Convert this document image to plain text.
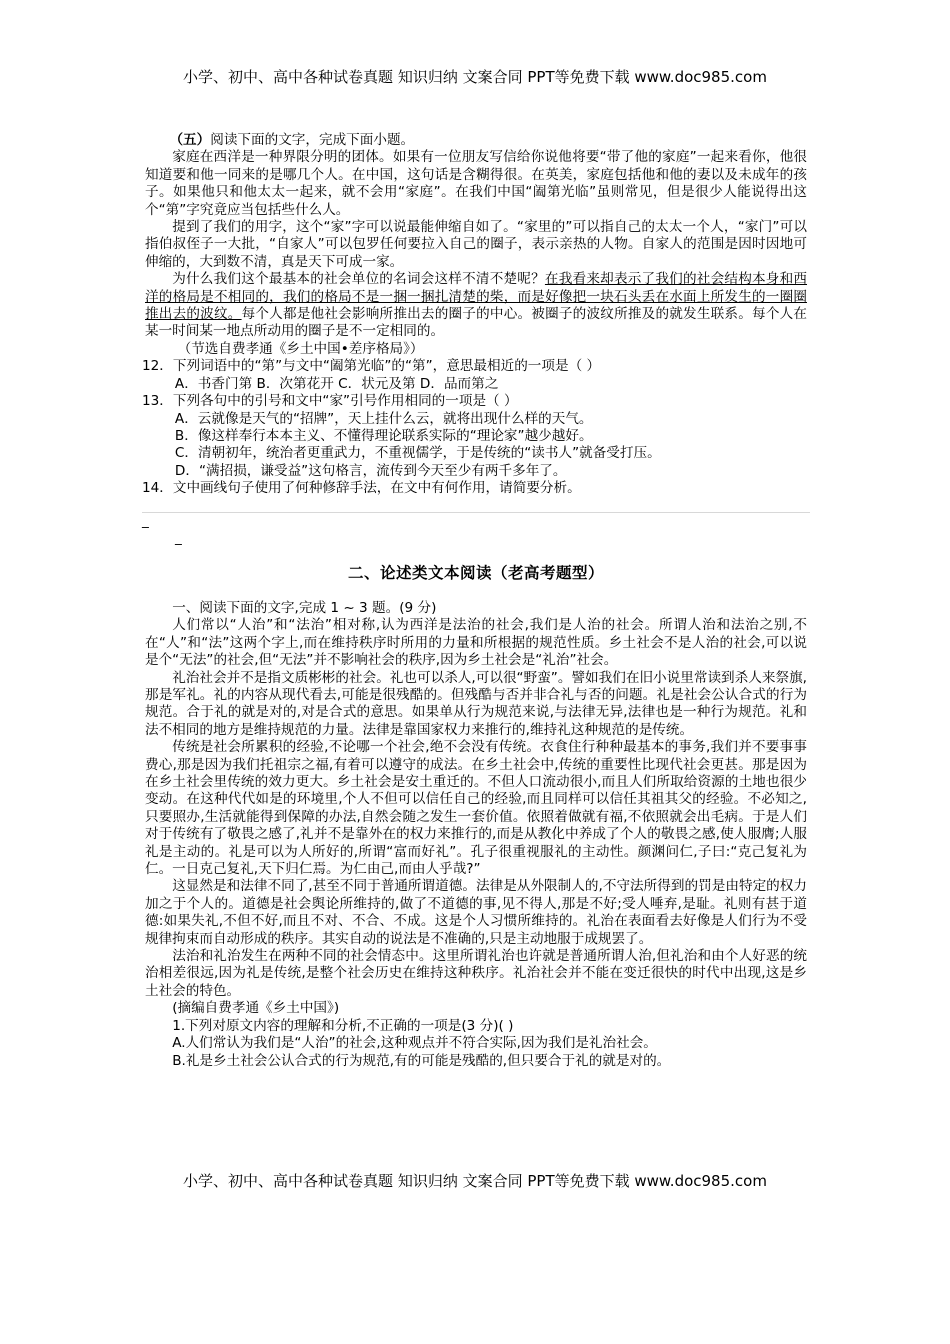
小学、初中、高中各种试卷真题 知识归纳 文案合同 PPT等免费下载 www.doc985.com

（五）阅读下面的文字，完成下面小题。

家庭在西洋是一种界限分明的团体。如果有一位朋友写信给你说他将要“带了他的家庭”一起来看你，他很知道要和他一同来的是哪几个人。在中国，这句话是含糊得很。在英美，家庭包括他和他的妻以及未成年的孩子。如果他只和他太太一起来，就不会用“家庭”。在我们中国“阖第光临”虽则常见，但是很少人能说得出这个“第”字究竟应当包括些什么人。

提到了我们的用字，这个“家”字可以说最能伸缩自如了。“家里的”可以指自己的太太一个人，“家门”可以指伯叔侄子一大批，“自家人”可以包罗任何要拉入自己的圈子，表示亲热的人物。自家人的范围是因时因地可伸缩的，大到数不清，真是天下可成一家。

为什么我们这个最基本的社会单位的名词会这样不清不楚呢？在我看来却表示了我们的社会结构本身和西洋的格局是不相同的，我们的格局不是一捆一捆扎清楚的柴，而是好像把一块石头丢在水面上所发生的一圈圈推出去的波纹。每个人都是他社会影响所推出去的圈子的中心。被圈子的波纹所推及的就发生联系。每个人在某一时间某一地点所动用的圈子是不一定相同的。

（节选自费孝通《乡土中国•差序格局》）

12．下列词语中的“第”与文中“阖第光临”的“第”，意思最相近的一项是（ ）

A．书香门第 B．次第花开 C．状元及第 D．品而第之

13．下列各句中的引号和文中“家”引号作用相同的一项是（ ）

A．云就像是天气的“招牌”，天上挂什么云，就将出现什么样的天气。

B．像这样奉行本本主义、不懂得理论联系实际的“理论家”越少越好。

C．清朝初年，统治者更重武力，不重视儒学，于是传统的“读书人”就备受打压。

D．“满招损，谦受益”这句格言，流传到今天至少有两千多年了。

14．文中画线句子使用了何种修辞手法，在文中有何作用，请简要分析。

_

_

二、论述类文本阅读（老高考题型）

一、阅读下面的文字,完成 1 ~ 3 题。(9 分)

人们常以“人治”和“法治”相对称,认为西洋是法治的社会,我们是人治的社会。所谓人治和法治之别,不在“人”和“法”这两个字上,而在维持秩序时所用的力量和所根据的规范性质。乡土社会不是人治的社会,可以说是个“无法”的社会,但“无法”并不影响社会的秩序,因为乡土社会是“礼治”社会。

礼治社会并不是指文质彬彬的社会。礼也可以杀人,可以很“野蛮”。譬如我们在旧小说里常读到杀人来祭旗,那是军礼。礼的内容从现代看去,可能是很残酷的。但残酷与否并非合礼与否的问题。礼是社会公认合式的行为规范。合于礼的就是对的,对是合式的意思。如果单从行为规范来说,与法律无异,法律也是一种行为规范。礼和法不相同的地方是维持规范的力量。法律是靠国家权力来推行的,维持礼这种规范的是传统。

传统是社会所累积的经验,不论哪一个社会,绝不会没有传统。衣食住行种种最基本的事务,我们并不要事事费心,那是因为我们托祖宗之福,有着可以遵守的成法。在乡土社会中,传统的重要性比现代社会更甚。那是因为在乡土社会里传统的效力更大。乡土社会是安土重迁的。不但人口流动很小,而且人们所取给资源的土地也很少变动。在这种代代如是的环境里,个人不但可以信任自己的经验,而且同样可以信任其祖其父的经验。不必知之,只要照办,生活就能得到保障的办法,自然会随之发生一套价值。依照着做就有福,不依照就会出毛病。于是人们对于传统有了敬畏之感了,礼并不是靠外在的权力来推行的,而是从教化中养成了个人的敬畏之感,使人服膺;人服礼是主动的。礼是可以为人所好的,所谓“富而好礼”。孔子很重视服礼的主动性。颜渊问仁,子曰:“克己复礼为仁。一日克己复礼,天下归仁焉。为仁由己,而由人乎哉?”

这显然是和法律不同了,甚至不同于普通所谓道德。法律是从外限制人的,不守法所得到的罚是由特定的权力加之于个人的。道德是社会舆论所维持的,做了不道德的事,见不得人,那是不好;受人唾弃,是耻。礼则有甚于道德:如果失礼,不但不好,而且不对、不合、不成。这是个人习惯所维持的。礼治在表面看去好像是人们行为不受规律拘束而自动形成的秩序。其实自动的说法是不准确的,只是主动地服于成规罢了。

法治和礼治发生在两种不同的社会情态中。这里所谓礼治也许就是普通所谓人治,但礼治和由个人好恶的统治相差很远,因为礼是传统,是整个社会历史在维持这种秩序。礼治社会并不能在变迁很快的时代中出现,这是乡土社会的特色。

(摘编自费孝通《乡土中国》)

1.下列对原文内容的理解和分析,不正确的一项是(3 分)( )

A.人们常认为我们是“人治”的社会,这种观点并不符合实际,因为我们是礼治社会。

B.礼是乡土社会公认合式的行为规范,有的可能是残酷的,但只要合于礼的就是对的。

小学、初中、高中各种试卷真题 知识归纳 文案合同 PPT等免费下载 www.doc985.com
